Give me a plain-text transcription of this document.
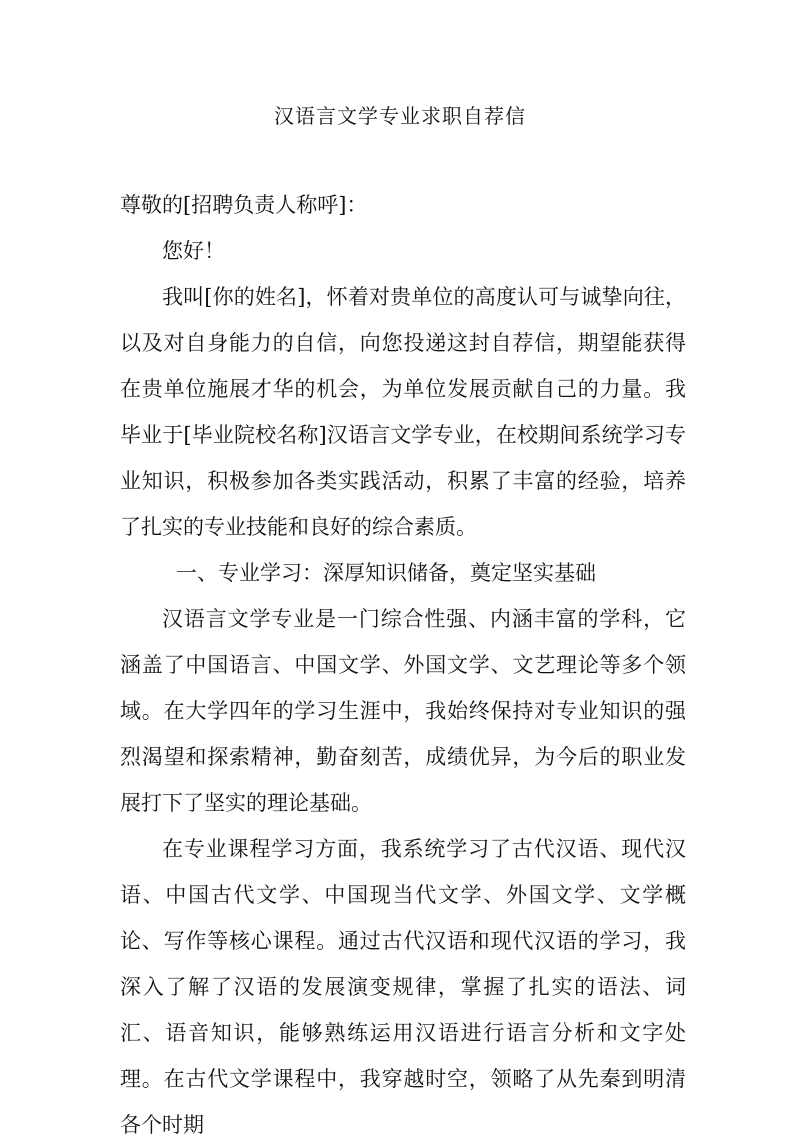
汉语言文学专业求职自荐信

尊敬的[招聘负责人称呼]：

您好！

我叫[你的姓名]，怀着对贵单位的高度认可与诚挚向往，以及对自身能力的自信，向您投递这封自荐信，期望能获得在贵单位施展才华的机会，为单位发展贡献自己的力量。我毕业于[毕业院校名称]汉语言文学专业，在校期间系统学习专业知识，积极参加各类实践活动，积累了丰富的经验，培养了扎实的专业技能和良好的综合素质。

一、专业学习：深厚知识储备，奠定坚实基础

汉语言文学专业是一门综合性强、内涵丰富的学科，它涵盖了中国语言、中国文学、外国文学、文艺理论等多个领域。在大学四年的学习生涯中，我始终保持对专业知识的强烈渴望和探索精神，勤奋刻苦，成绩优异，为今后的职业发展打下了坚实的理论基础。

在专业课程学习方面，我系统学习了古代汉语、现代汉语、中国古代文学、中国现当代文学、外国文学、文学概论、写作等核心课程。通过古代汉语和现代汉语的学习，我深入了解了汉语的发展演变规律，掌握了扎实的语法、词汇、语音知识，能够熟练运用汉语进行语言分析和文字处理。在古代文学课程中，我穿越时空，领略了从先秦到明清各个时期
